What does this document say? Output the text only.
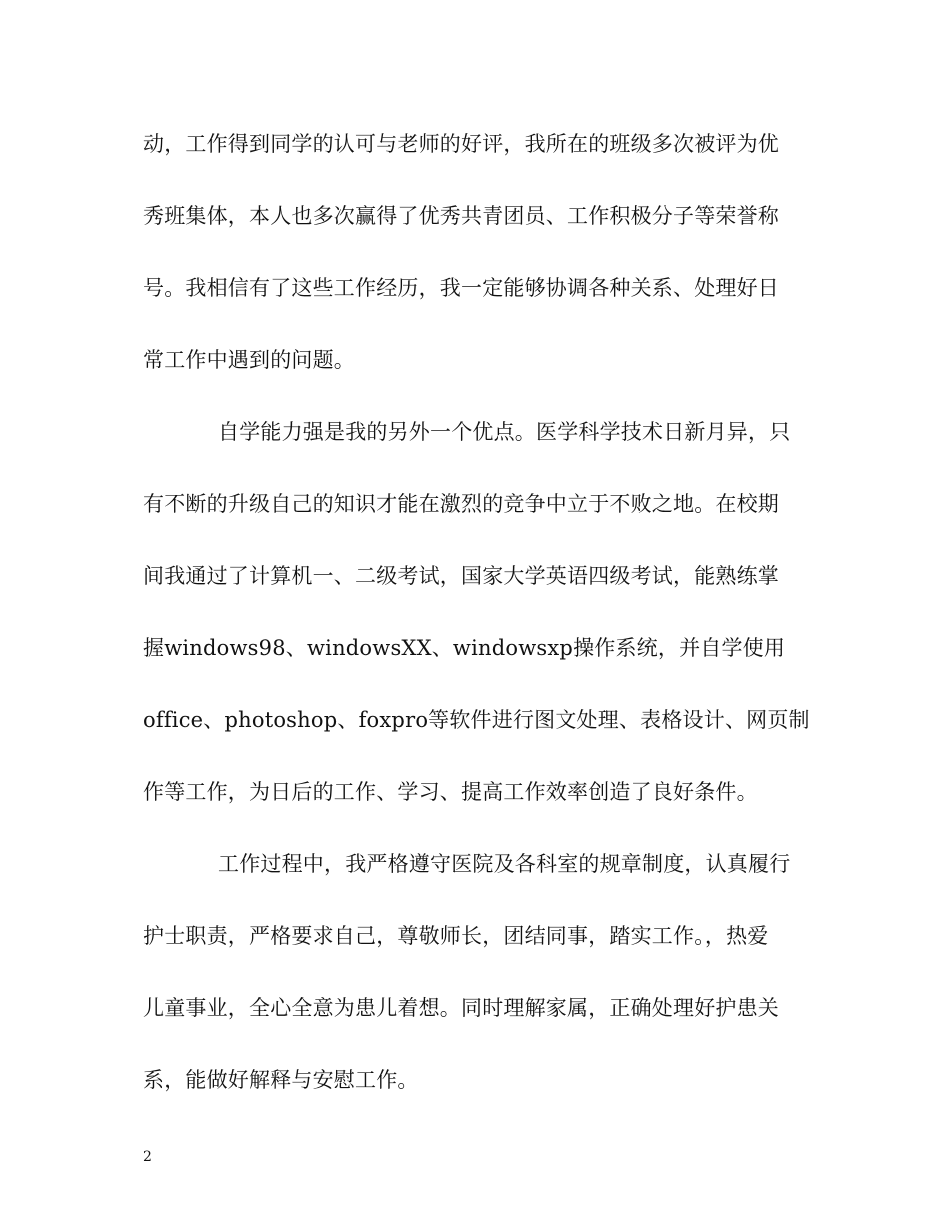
动，工作得到同学的认可与老师的好评，我所在的班级多次被评为优
秀班集体，本人也多次赢得了优秀共青团员、工作积极分子等荣誉称
号。我相信有了这些工作经历，我一定能够协调各种关系、处理好日
常工作中遇到的问题。
自学能力强是我的另外一个优点。医学科学技术日新月异，只
有不断的升级自己的知识才能在激烈的竞争中立于不败之地。在校期
间我通过了计算机一、二级考试，国家大学英语四级考试，能熟练掌
握windows98、windowsXX、windowsxp操作系统，并自学使用
office、photoshop、foxpro等软件进行图文处理、表格设计、网页制
作等工作，为日后的工作、学习、提高工作效率创造了良好条件。
工作过程中，我严格遵守医院及各科室的规章制度，认真履行
护士职责，严格要求自己，尊敬师长，团结同事，踏实工作。，热爱
儿童事业，全心全意为患儿着想。同时理解家属，正确处理好护患关
系，能做好解释与安慰工作。
2
